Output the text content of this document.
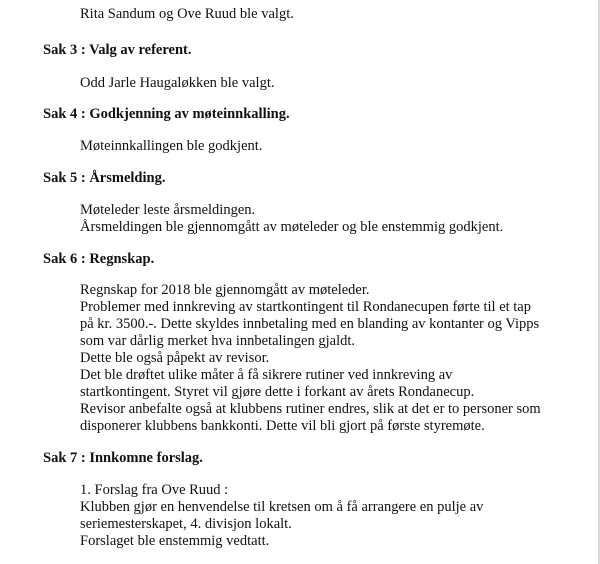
Rita Sandum og Ove Ruud ble valgt.
Sak 3 : Valg av referent.
Odd Jarle Haugaløkken ble valgt.
Sak 4 : Godkjenning av møteinnkalling.
Møteinnkallingen ble godkjent.
Sak 5 : Årsmelding.
Møteleder leste årsmeldingen.
Årsmeldingen ble gjennomgått av møteleder og ble enstemmig godkjent.
Sak 6 : Regnskap.
Regnskap for 2018 ble gjennomgått av møteleder.
Problemer med innkreving av startkontingent til Rondanecupen førte til et tap
på kr. 3500.-. Dette skyldes innbetaling med en blanding av kontanter og Vipps
som var dårlig merket hva innbetalingen gjaldt.
Dette ble også påpekt av revisor.
Det ble drøftet ulike måter å få sikrere rutiner ved innkreving av
startkontingent. Styret vil gjøre dette i forkant av årets Rondanecup.
Revisor anbefalte også at klubbens rutiner endres, slik at det er to personer som
disponerer klubbens bankkonti. Dette vil bli gjort på første styremøte.
Sak 7 : Innkomne forslag.
1. Forslag fra Ove Ruud :
Klubben gjør en henvendelse til kretsen om å få arrangere en pulje av
seriemesterskapet, 4. divisjon lokalt.
Forslaget ble enstemmig vedtatt.
